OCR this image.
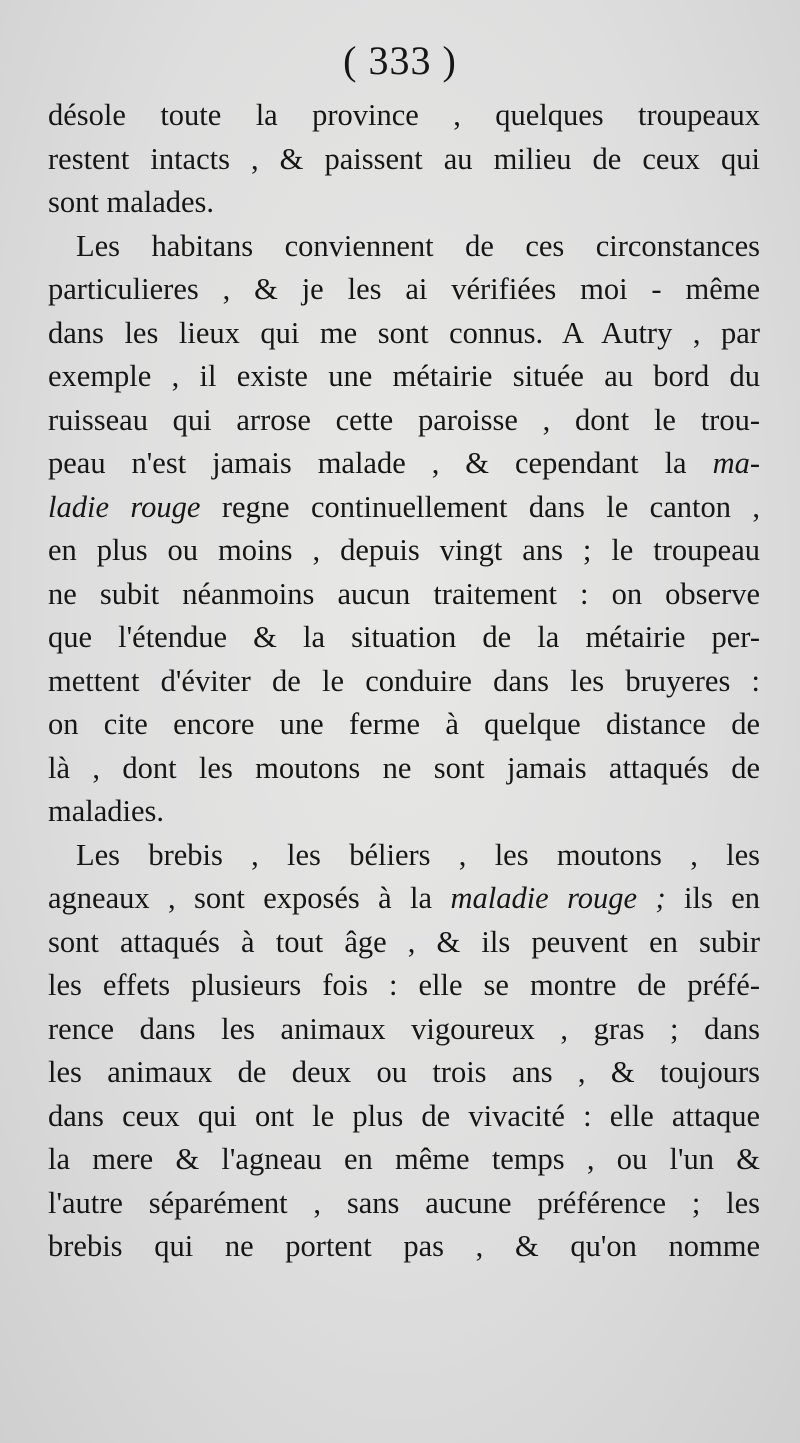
( 333 )
désole toute la province , quelques troupeaux
restent intacts , & paissent au milieu de ceux qui
sont malades.
Les habitans conviennent de ces circonstances
particulieres , & je les ai vérifiées moi - même
dans les lieux qui me sont connus. A Autry , par
exemple , il existe une métairie située au bord du
ruisseau qui arrose cette paroisse , dont le trou-
peau n'est jamais malade , & cependant la ma-
ladie rouge regne continuellement dans le canton ,
en plus ou moins , depuis vingt ans ; le troupeau
ne subit néanmoins aucun traitement : on observe
que l'étendue & la situation de la métairie per-
mettent d'éviter de le conduire dans les bruyeres :
on cite encore une ferme à quelque distance de
là , dont les moutons ne sont jamais attaqués de
maladies.
Les brebis , les béliers , les moutons , les
agneaux , sont exposés à la maladie rouge ; ils en
sont attaqués à tout âge , & ils peuvent en subir
les effets plusieurs fois : elle se montre de préfé-
rence dans les animaux vigoureux , gras ; dans
les animaux de deux ou trois ans , & toujours
dans ceux qui ont le plus de vivacité : elle attaque
la mere & l'agneau en même temps , ou l'un &
l'autre séparément , sans aucune préférence ; les
brebis qui ne portent pas , & qu'on nomme
